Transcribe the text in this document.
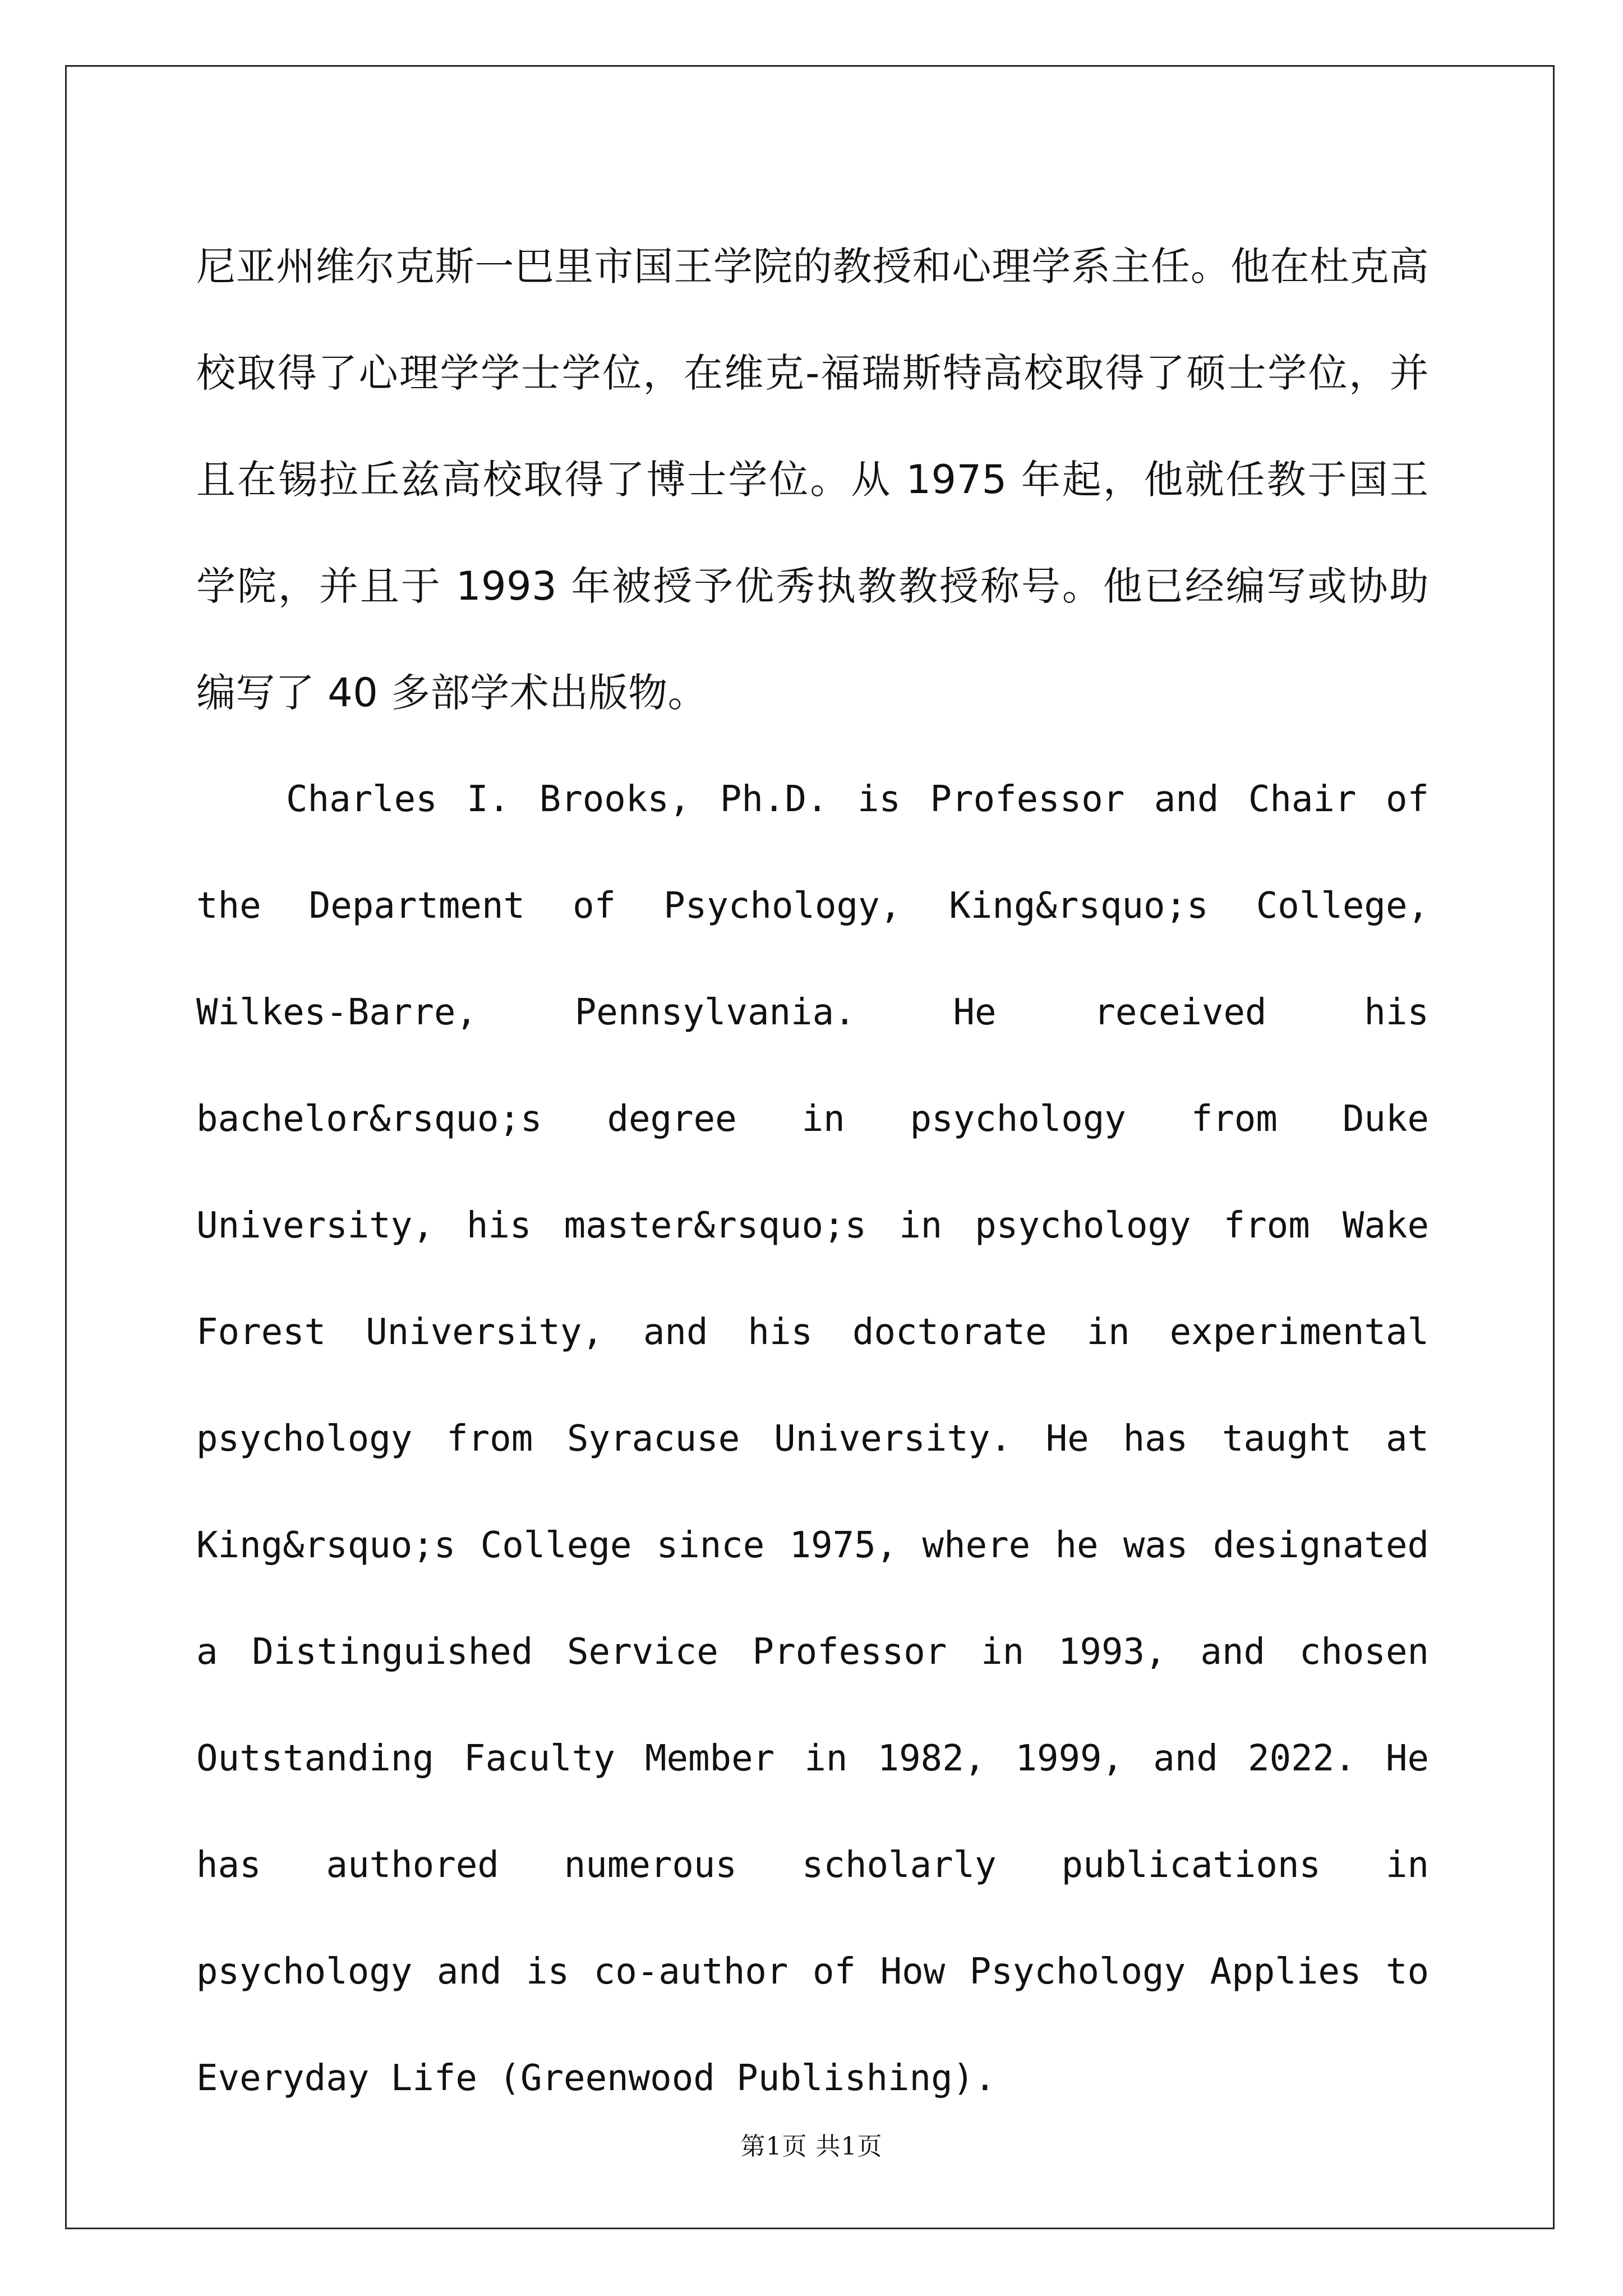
尼亚州维尔克斯一巴里市国王学院的教授和心理学系主任。他在杜克高校取得了心理学学士学位，在维克-福瑞斯特高校取得了硕士学位，并且在锡拉丘兹高校取得了博士学位。从 1975 年起，他就任教于国王学院，并且于 1993 年被授予优秀执教教授称号。他已经编写或协助编写了 40 多部学术出版物。

Charles I. Brooks, Ph.D. is Professor and Chair of the Department of Psychology, King&rsquo;s College, Wilkes-Barre, Pennsylvania. He received his bachelor&rsquo;s degree in psychology from Duke University, his master&rsquo;s in psychology from Wake Forest University, and his doctorate in experimental psychology from Syracuse University. He has taught at King&rsquo;s College since 1975, where he was designated a Distinguished Service Professor in 1993, and chosen Outstanding Faculty Member in 1982, 1999, and 2022. He has authored numerous scholarly publications in psychology and is co-author of How Psychology Applies to Everyday Life (Greenwood Publishing).

第1页 共1页
